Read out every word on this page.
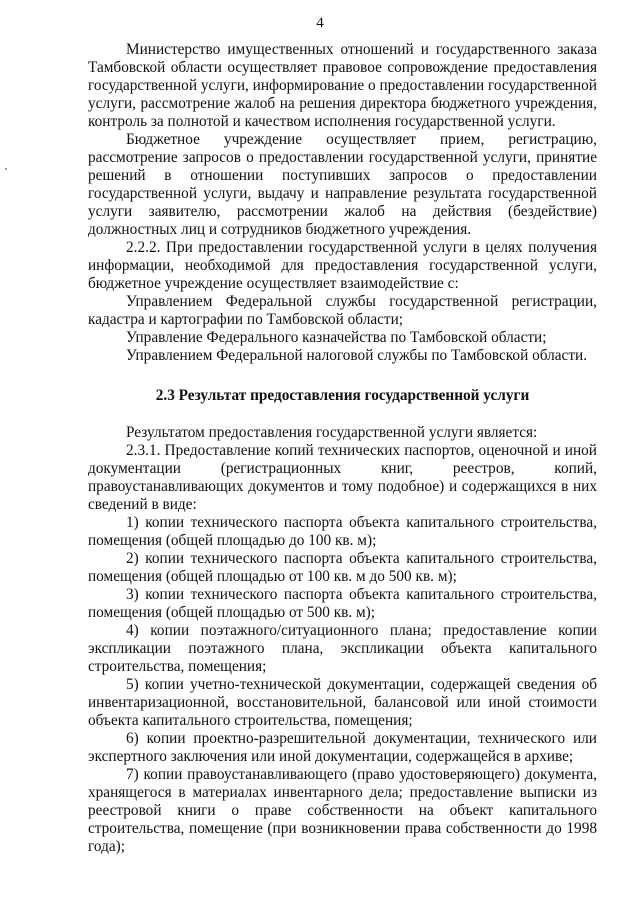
4

Министерство имущественных отношений и государственного заказа Тамбовской области осуществляет правовое сопровождение предоставления государственной услуги, информирование о предоставлении государственной услуги, рассмотрение жалоб на решения директора бюджетного учреждения, контроль за полнотой и качеством исполнения государственной услуги.

Бюджетное учреждение осуществляет прием, регистрацию, рассмотрение запросов о предоставлении государственной услуги, принятие решений в отношении поступивших запросов о предоставлении государственной услуги, выдачу и направление результата государственной услуги заявителю, рассмотрении жалоб на действия (бездействие) должностных лиц и сотрудников бюджетного учреждения.

2.2.2. При предоставлении государственной услуги в целях получения информации, необходимой для предоставления государственной услуги, бюджетное учреждение осуществляет взаимодействие с:

Управлением Федеральной службы государственной регистрации, кадастра и картографии по Тамбовской области;

Управление Федерального казначейства по Тамбовской области;

Управлением Федеральной налоговой службы по Тамбовской области.

2.3 Результат предоставления государственной услуги

Результатом предоставления государственной услуги является:

2.3.1. Предоставление копий технических паспортов, оценочной и иной документации (регистрационных книг, реестров, копий, правоустанавливающих документов и тому подобное) и содержащихся в них сведений в виде:

1) копии технического паспорта объекта капитального строительства, помещения (общей площадью до 100 кв. м);

2) копии технического паспорта объекта капитального строительства, помещения (общей площадью от 100 кв. м до 500 кв. м);

3) копии технического паспорта объекта капитального строительства, помещения (общей площадью от 500 кв. м);

4) копии поэтажного/ситуационного плана; предоставление копии экспликации поэтажного плана, экспликации объекта капитального строительства, помещения;

5) копии учетно-технической документации, содержащей сведения об инвентаризационной, восстановительной, балансовой или иной стоимости объекта капитального строительства, помещения;

6) копии проектно-разрешительной документации, технического или экспертного заключения или иной документации, содержащейся в архиве;

7) копии правоустанавливающего (право удостоверяющего) документа, хранящегося в материалах инвентарного дела; предоставление выписки из реестровой книги о праве собственности на объект капитального строительства, помещение (при возникновении права собственности до 1998 года);
